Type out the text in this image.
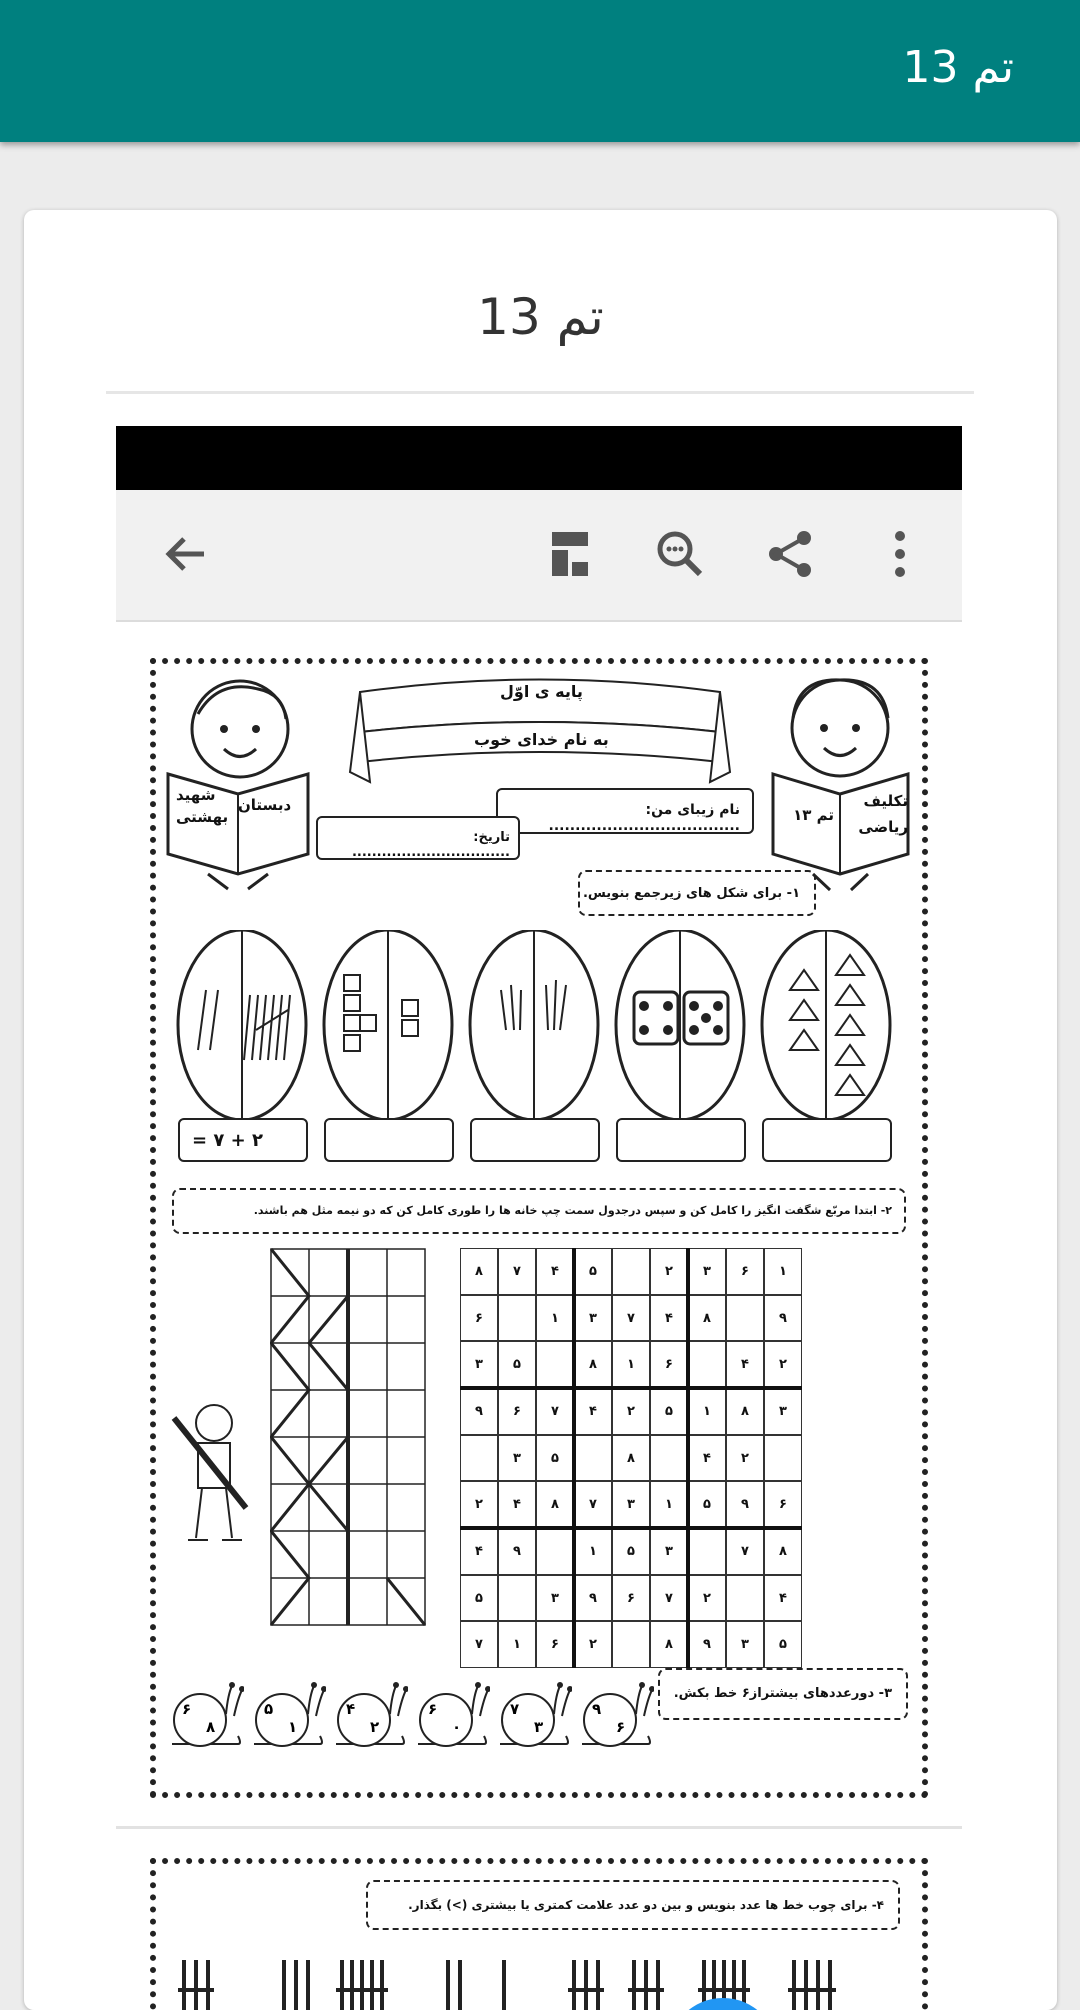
تم 13
تم 13
شهید
دبستان
بهشتی
تکلیف
تم ۱۳
ریاضی
پایه ی اوّل
به نام خدای خوب
نام زیبای من: ....................................
تاریخ: ................................
۱- برای شکل های زیرجمع بنویس.
۲ + ۷ =
۲- ابتدا مربّع شگفت انگیز را کامل کن و سپس درجدول سمت چپ خانه ها را طوری کامل کن که دو نیمه مثل هم باشند.
۱
۶
۳
۲
۵
۴
۷
۸
۹
۸
۴
۷
۳
۱
۶
۲
۴
۶
۱
۸
۵
۳
۳
۸
۱
۵
۲
۴
۷
۶
۹
۲
۴
۸
۵
۳
۶
۹
۵
۱
۳
۷
۸
۴
۲
۸
۷
۳
۵
۱
۹
۴
۴
۲
۷
۶
۹
۳
۵
۵
۳
۹
۸
۲
۶
۱
۷
۳- دورعددهای بیشتراز۶ خط بکش.
۹
۶
۷
۳
۶
۰
۴
۲
۵
۱
۶
۸
۴- برای چوب خط ها عدد بنویس و بین دو عدد علامت کمتری یا بیشتری (>) بگذار.
